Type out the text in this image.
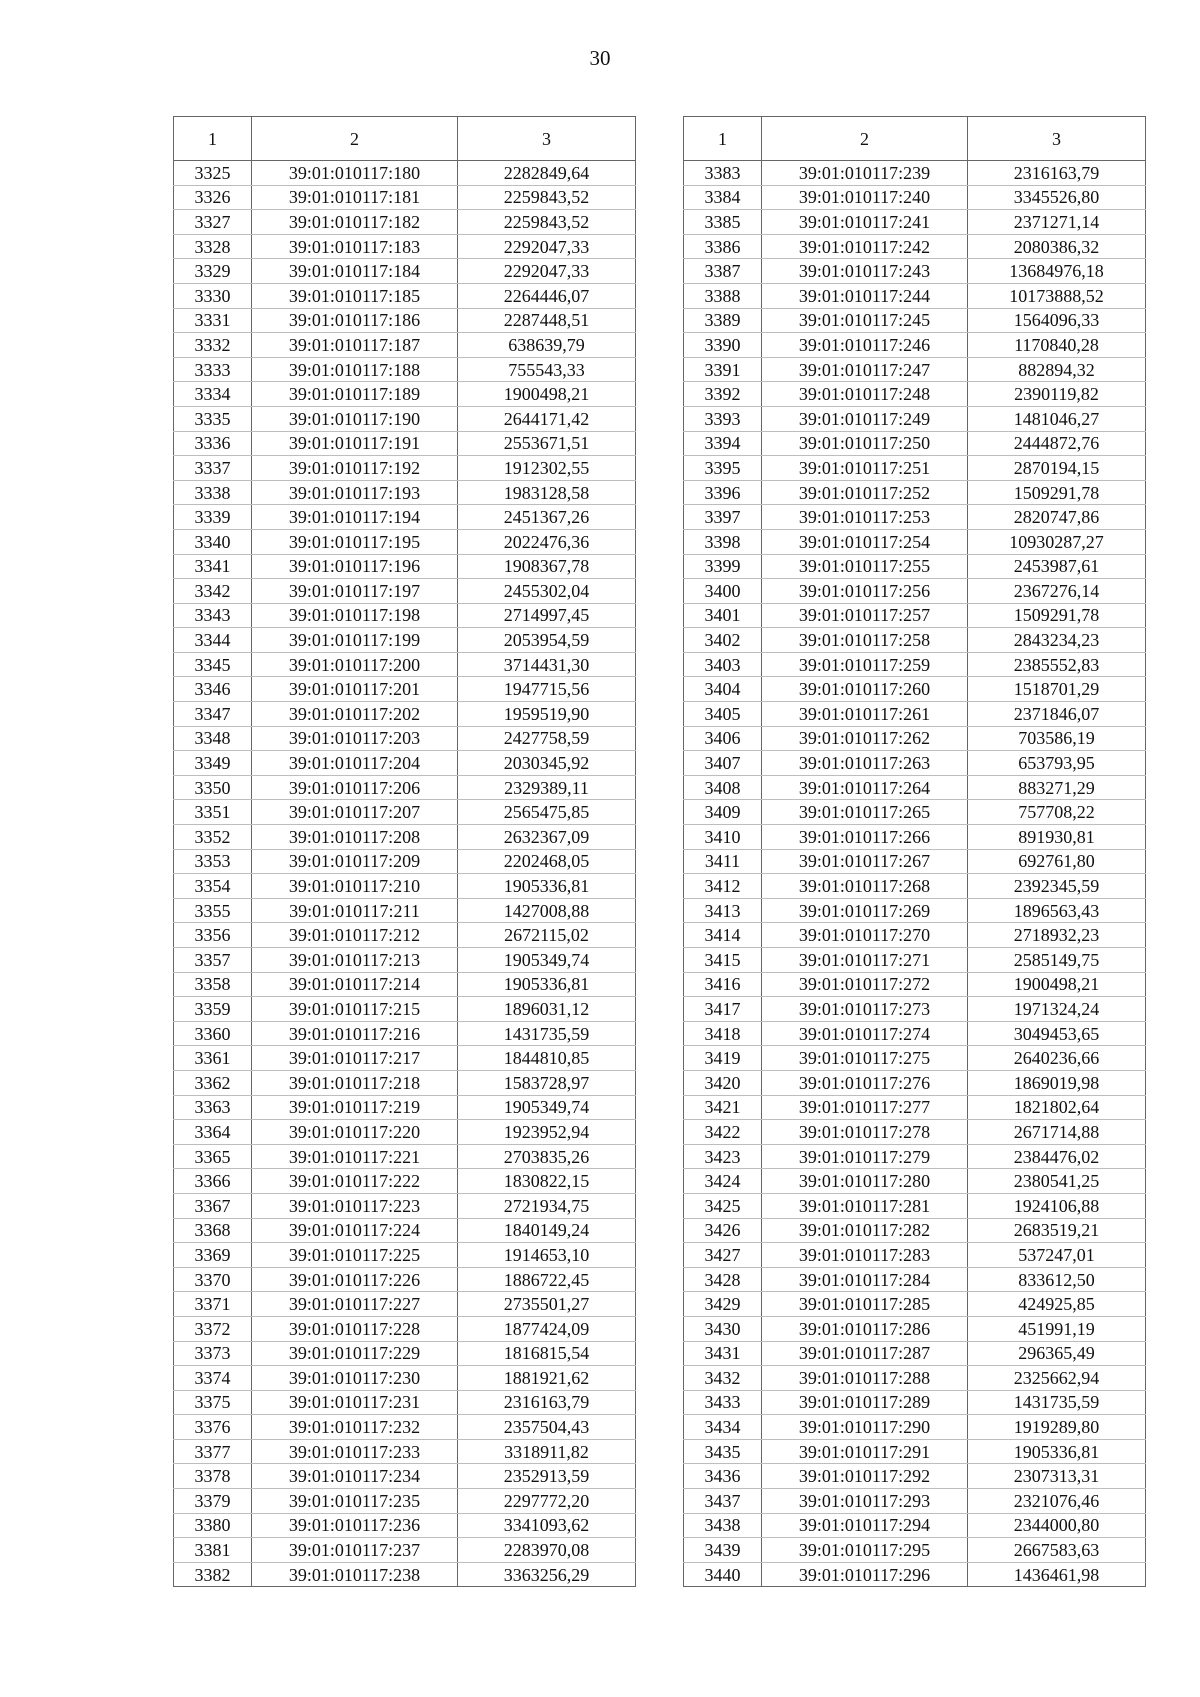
30
1	2	3
3325	39:01:010117:180	2282849,64
3326	39:01:010117:181	2259843,52
3327	39:01:010117:182	2259843,52
3328	39:01:010117:183	2292047,33
3329	39:01:010117:184	2292047,33
3330	39:01:010117:185	2264446,07
3331	39:01:010117:186	2287448,51
3332	39:01:010117:187	638639,79
3333	39:01:010117:188	755543,33
3334	39:01:010117:189	1900498,21
3335	39:01:010117:190	2644171,42
3336	39:01:010117:191	2553671,51
3337	39:01:010117:192	1912302,55
3338	39:01:010117:193	1983128,58
3339	39:01:010117:194	2451367,26
3340	39:01:010117:195	2022476,36
3341	39:01:010117:196	1908367,78
3342	39:01:010117:197	2455302,04
3343	39:01:010117:198	2714997,45
3344	39:01:010117:199	2053954,59
3345	39:01:010117:200	3714431,30
3346	39:01:010117:201	1947715,56
3347	39:01:010117:202	1959519,90
3348	39:01:010117:203	2427758,59
3349	39:01:010117:204	2030345,92
3350	39:01:010117:206	2329389,11
3351	39:01:010117:207	2565475,85
3352	39:01:010117:208	2632367,09
3353	39:01:010117:209	2202468,05
3354	39:01:010117:210	1905336,81
3355	39:01:010117:211	1427008,88
3356	39:01:010117:212	2672115,02
3357	39:01:010117:213	1905349,74
3358	39:01:010117:214	1905336,81
3359	39:01:010117:215	1896031,12
3360	39:01:010117:216	1431735,59
3361	39:01:010117:217	1844810,85
3362	39:01:010117:218	1583728,97
3363	39:01:010117:219	1905349,74
3364	39:01:010117:220	1923952,94
3365	39:01:010117:221	2703835,26
3366	39:01:010117:222	1830822,15
3367	39:01:010117:223	2721934,75
3368	39:01:010117:224	1840149,24
3369	39:01:010117:225	1914653,10
3370	39:01:010117:226	1886722,45
3371	39:01:010117:227	2735501,27
3372	39:01:010117:228	1877424,09
3373	39:01:010117:229	1816815,54
3374	39:01:010117:230	1881921,62
3375	39:01:010117:231	2316163,79
3376	39:01:010117:232	2357504,43
3377	39:01:010117:233	3318911,82
3378	39:01:010117:234	2352913,59
3379	39:01:010117:235	2297772,20
3380	39:01:010117:236	3341093,62
3381	39:01:010117:237	2283970,08
3382	39:01:010117:238	3363256,29
1	2	3
3383	39:01:010117:239	2316163,79
3384	39:01:010117:240	3345526,80
3385	39:01:010117:241	2371271,14
3386	39:01:010117:242	2080386,32
3387	39:01:010117:243	13684976,18
3388	39:01:010117:244	10173888,52
3389	39:01:010117:245	1564096,33
3390	39:01:010117:246	1170840,28
3391	39:01:010117:247	882894,32
3392	39:01:010117:248	2390119,82
3393	39:01:010117:249	1481046,27
3394	39:01:010117:250	2444872,76
3395	39:01:010117:251	2870194,15
3396	39:01:010117:252	1509291,78
3397	39:01:010117:253	2820747,86
3398	39:01:010117:254	10930287,27
3399	39:01:010117:255	2453987,61
3400	39:01:010117:256	2367276,14
3401	39:01:010117:257	1509291,78
3402	39:01:010117:258	2843234,23
3403	39:01:010117:259	2385552,83
3404	39:01:010117:260	1518701,29
3405	39:01:010117:261	2371846,07
3406	39:01:010117:262	703586,19
3407	39:01:010117:263	653793,95
3408	39:01:010117:264	883271,29
3409	39:01:010117:265	757708,22
3410	39:01:010117:266	891930,81
3411	39:01:010117:267	692761,80
3412	39:01:010117:268	2392345,59
3413	39:01:010117:269	1896563,43
3414	39:01:010117:270	2718932,23
3415	39:01:010117:271	2585149,75
3416	39:01:010117:272	1900498,21
3417	39:01:010117:273	1971324,24
3418	39:01:010117:274	3049453,65
3419	39:01:010117:275	2640236,66
3420	39:01:010117:276	1869019,98
3421	39:01:010117:277	1821802,64
3422	39:01:010117:278	2671714,88
3423	39:01:010117:279	2384476,02
3424	39:01:010117:280	2380541,25
3425	39:01:010117:281	1924106,88
3426	39:01:010117:282	2683519,21
3427	39:01:010117:283	537247,01
3428	39:01:010117:284	833612,50
3429	39:01:010117:285	424925,85
3430	39:01:010117:286	451991,19
3431	39:01:010117:287	296365,49
3432	39:01:010117:288	2325662,94
3433	39:01:010117:289	1431735,59
3434	39:01:010117:290	1919289,80
3435	39:01:010117:291	1905336,81
3436	39:01:010117:292	2307313,31
3437	39:01:010117:293	2321076,46
3438	39:01:010117:294	2344000,80
3439	39:01:010117:295	2667583,63
3440	39:01:010117:296	1436461,98
